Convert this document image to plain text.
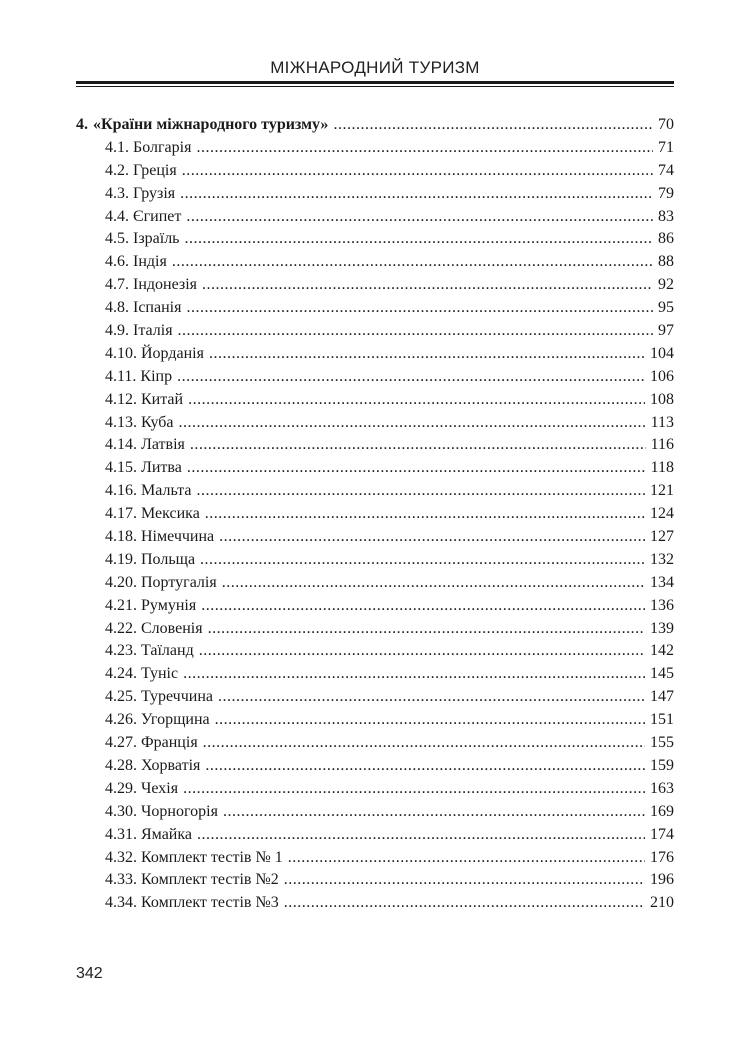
МІЖНАРОДНИЙ ТУРИЗМ
4. «Країни міжнародного туризму» .....	70
4.1. Болгарія .....	71
4.2. Греція .....	74
4.3. Грузія .....	79
4.4. Єгипет .....	83
4.5. Ізраїль .....	86
4.6. Індія .....	88
4.7. Індонезія .....	92
4.8. Іспанія .....	95
4.9. Італія .....	97
4.10. Йорданія .....	104
4.11. Кіпр .....	106
4.12. Китай .....	108
4.13. Куба .....	113
4.14. Латвія .....	116
4.15. Литва .....	118
4.16. Мальта .....	121
4.17. Мексика .....	124
4.18. Німеччина .....	127
4.19. Польща .....	132
4.20. Португалія .....	134
4.21. Румунія .....	136
4.22. Словенія .....	139
4.23. Таїланд .....	142
4.24. Туніс .....	145
4.25. Туреччина .....	147
4.26. Угорщина .....	151
4.27. Франція .....	155
4.28. Хорватія .....	159
4.29. Чехія .....	163
4.30. Чорногорія .....	169
4.31. Ямайка .....	174
4.32. Комплект тестів № 1 .....	176
4.33. Комплект тестів №2 .....	196
4.34. Комплект тестів №3 .....	210
342
